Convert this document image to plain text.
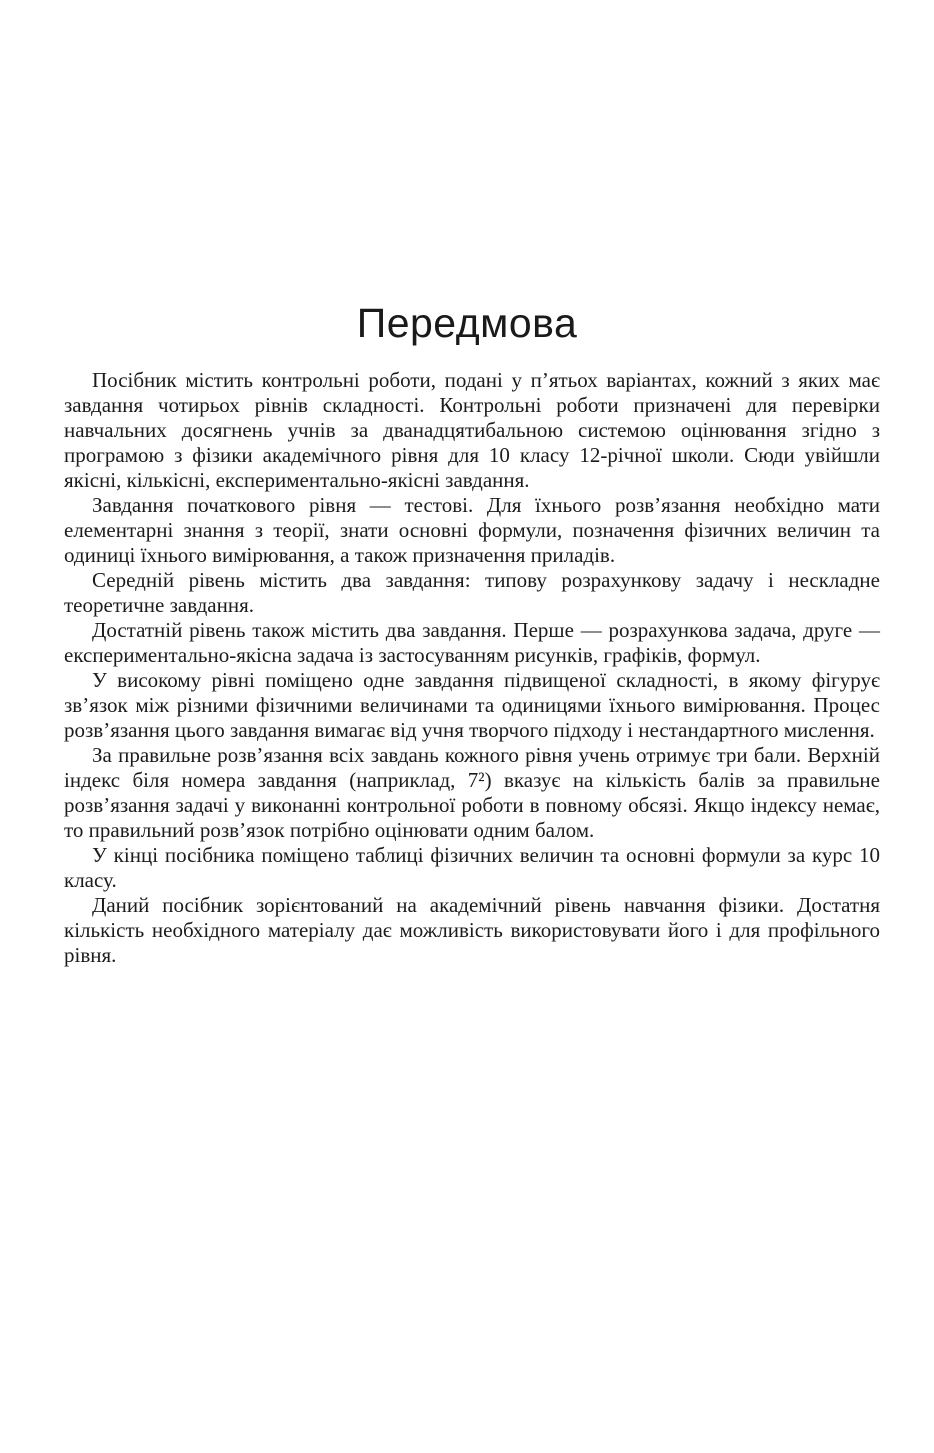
Передмова

Посібник містить контрольні роботи, подані у п’ятьох варіантах, кожний з яких має завдання чотирьох рівнів складності. Контрольні роботи призначені для перевірки навчальних досягнень учнів за дванадцятибальною системою оцінювання згідно з програмою з фізики академічного рівня для 10 класу 12-річної школи. Сюди увійшли якісні, кількісні, експериментально-якісні завдання.

Завдання початкового рівня — тестові. Для їхнього розв’язання необхідно мати елементарні знання з теорії, знати основні формули, позначення фізичних величин та одиниці їхнього вимірювання, а також призначення приладів.

Середній рівень містить два завдання: типову розрахункову задачу і нескладне теоретичне завдання.

Достатній рівень також містить два завдання. Перше — розрахункова задача, друге — експериментально-якісна задача із застосуванням рисунків, графіків, формул.

У високому рівні поміщено одне завдання підвищеної складності, в якому фігурує зв’язок між різними фізичними величинами та одиницями їхнього вимірювання. Процес розв’язання цього завдання вимагає від учня творчого підходу і нестандартного мислення.

За правильне розв’язання всіх завдань кожного рівня учень отримує три бали. Верхній індекс біля номера завдання (наприклад, 7²) вказує на кількість балів за правильне розв’язання задачі у виконанні контрольної роботи в повному обсязі. Якщо індексу немає, то правильний розв’язок потрібно оцінювати одним балом.

У кінці посібника поміщено таблиці фізичних величин та основні формули за курс 10 класу.

Даний посібник зорієнтований на академічний рівень навчання фізики. Достатня кількість необхідного матеріалу дає можливість використовувати його і для профільного рівня.
